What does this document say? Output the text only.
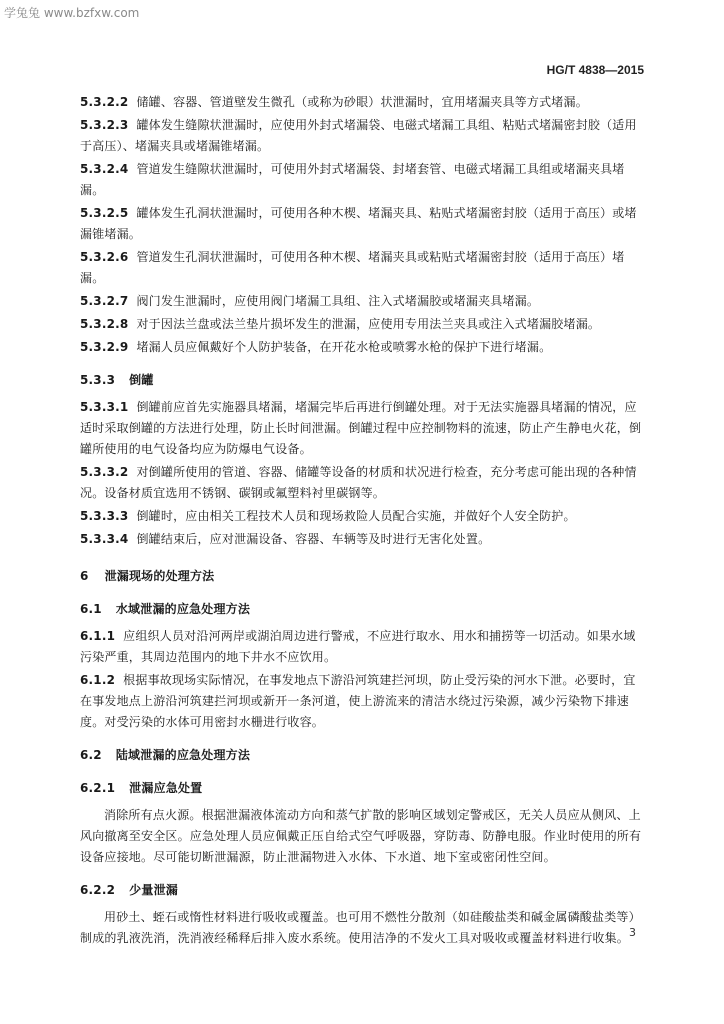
学兔兔 www.bzfxw.com
HG/T 4838—2015
5.3.2.2 储罐、容器、管道壁发生微孔（或称为砂眼）状泄漏时，宜用堵漏夹具等方式堵漏。
5.3.2.3 罐体发生缝隙状泄漏时，应使用外封式堵漏袋、电磁式堵漏工具组、粘贴式堵漏密封胶（适用于高压）、堵漏夹具或堵漏锥堵漏。
5.3.2.4 管道发生缝隙状泄漏时，可使用外封式堵漏袋、封堵套管、电磁式堵漏工具组或堵漏夹具堵漏。
5.3.2.5 罐体发生孔洞状泄漏时，可使用各种木楔、堵漏夹具、粘贴式堵漏密封胶（适用于高压）或堵漏锥堵漏。
5.3.2.6 管道发生孔洞状泄漏时，可使用各种木楔、堵漏夹具或粘贴式堵漏密封胶（适用于高压）堵漏。
5.3.2.7 阀门发生泄漏时，应使用阀门堵漏工具组、注入式堵漏胶或堵漏夹具堵漏。
5.3.2.8 对于因法兰盘或法兰垫片损坏发生的泄漏，应使用专用法兰夹具或注入式堵漏胶堵漏。
5.3.2.9 堵漏人员应佩戴好个人防护装备，在开花水枪或喷雾水枪的保护下进行堵漏。
5.3.3 倒罐
5.3.3.1 倒罐前应首先实施器具堵漏，堵漏完毕后再进行倒罐处理。对于无法实施器具堵漏的情况，应适时采取倒罐的方法进行处理，防止长时间泄漏。倒罐过程中应控制物料的流速，防止产生静电火花，倒罐所使用的电气设备均应为防爆电气设备。
5.3.3.2 对倒罐所使用的管道、容器、储罐等设备的材质和状况进行检查，充分考虑可能出现的各种情况。设备材质宜选用不锈钢、碳钢或氟塑料衬里碳钢等。
5.3.3.3 倒罐时，应由相关工程技术人员和现场救险人员配合实施，并做好个人安全防护。
5.3.3.4 倒罐结束后，应对泄漏设备、容器、车辆等及时进行无害化处置。
6 泄漏现场的处理方法
6.1 水域泄漏的应急处理方法
6.1.1 应组织人员对沿河两岸或湖泊周边进行警戒，不应进行取水、用水和捕捞等一切活动。如果水域污染严重，其周边范围内的地下井水不应饮用。
6.1.2 根据事故现场实际情况，在事发地点下游沿河筑建拦河坝，防止受污染的河水下泄。必要时，宜在事发地点上游沿河筑建拦河坝或新开一条河道，使上游流来的清洁水绕过污染源，减少污染物下排速度。对受污染的水体可用密封水栅进行收容。
6.2 陆域泄漏的应急处理方法
6.2.1 泄漏应急处置
消除所有点火源。根据泄漏液体流动方向和蒸气扩散的影响区域划定警戒区，无关人员应从侧风、上风向撤离至安全区。应急处理人员应佩戴正压自给式空气呼吸器，穿防毒、防静电服。作业时使用的所有设备应接地。尽可能切断泄漏源，防止泄漏物进入水体、下水道、地下室或密闭性空间。
6.2.2 少量泄漏
用砂土、蛭石或惰性材料进行吸收或覆盖。也可用不燃性分散剂（如硅酸盐类和碱金属磷酸盐类等）制成的乳液洗消，洗消液经稀释后排入废水系统。使用洁净的不发火工具对吸收或覆盖材料进行收集。 3
